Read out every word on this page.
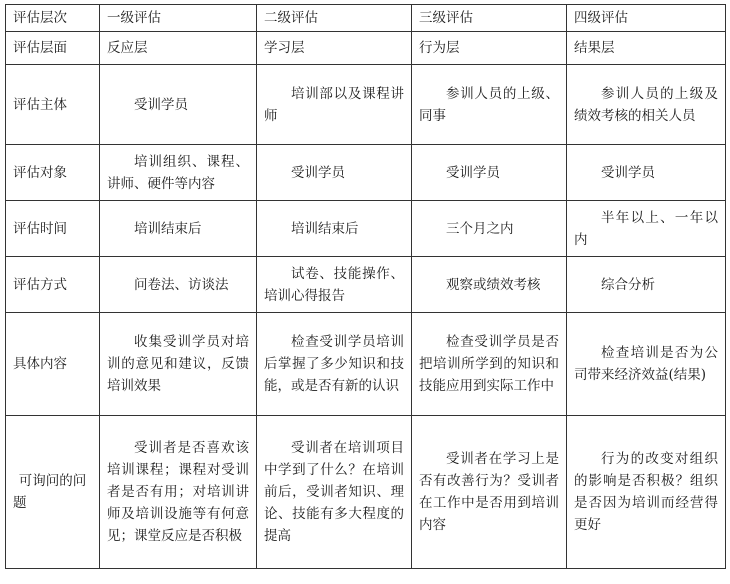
评估层次	一级评估	二级评估	三级评估	四级评估
评估层面	反应层	学习层	行为层	结果层
评估主体	受训学员	培训部以及课程讲师	参训人员的上级、同事	参训人员的上级及绩效考核的相关人员
评估对象	培训组织、课程、讲师、硬件等内容	受训学员	受训学员	受训学员
评估时间	培训结束后	培训结束后	三个月之内	半年以上、一年以内
评估方式	问卷法、访谈法	试卷、技能操作、培训心得报告	观察或绩效考核	综合分析
具体内容	收集受训学员对培训的意见和建议，反馈培训效果	检查受训学员培训后掌握了多少知识和技能，或是否有新的认识	检查受训学员是否把培训所学到的知识和技能应用到实际工作中	检查培训是否为公司带来经济效益(结果)
可询问的问题	受训者是否喜欢该培训课程；课程对受训者是否有用；对培训讲师及培训设施等有何意见；课堂反应是否积极	受训者在培训项目中学到了什么？在培训前后，受训者知识、理论、技能有多大程度的提高	受训者在学习上是否有改善行为？受训者在工作中是否用到培训内容	行为的改变对组织的影响是否积极？组织是否因为培训而经营得更好
